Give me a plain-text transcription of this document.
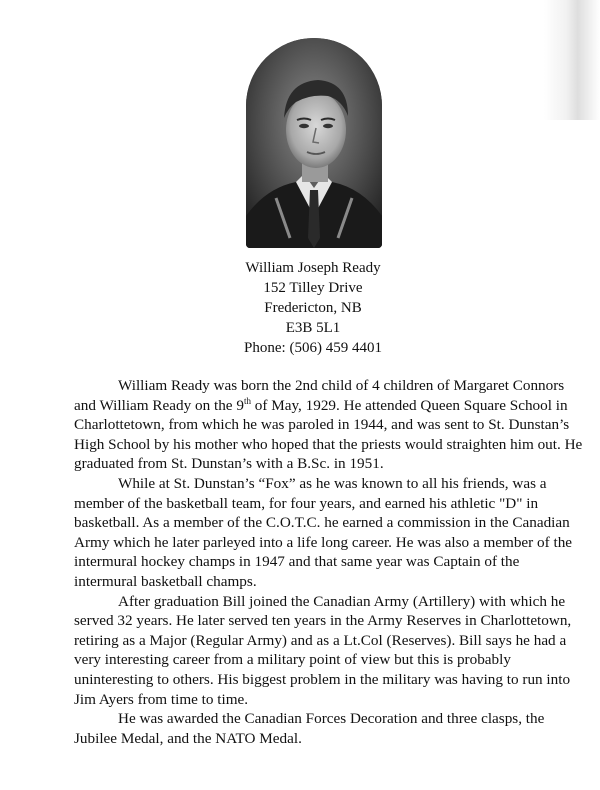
William Joseph Ready
152 Tilley Drive
Fredericton, NB
E3B 5L1
Phone: (506) 459 4401

William Ready was born the 2nd child of 4 children of Margaret Connors and William Ready on the 9th of May, 1929. He attended Queen Square School in Charlottetown, from which he was paroled in 1944, and was sent to St. Dunstan’s High School by his mother who hoped that the priests would straighten him out. He graduated from St. Dunstan’s with a B.Sc. in 1951.

While at St. Dunstan’s “Fox” as he was known to all his friends, was a member of the basketball team, for four years, and earned his athletic "D" in basketball. As a member of the C.O.T.C. he earned a commission in the Canadian Army which he later parleyed into a life long career. He was also a member of the intermural hockey champs in 1947 and that same year was Captain of the intermural basketball champs.

After graduation Bill joined the Canadian Army (Artillery) with which he served 32 years. He later served ten years in the Army Reserves in Charlottetown, retiring as a Major (Regular Army) and as a Lt.Col (Reserves). Bill says he had a very interesting career from a military point of view but this is probably uninteresting to others. His biggest problem in the military was having to run into Jim Ayers from time to time.

He was awarded the Canadian Forces Decoration and three clasps, the Jubilee Medal, and the NATO Medal.
